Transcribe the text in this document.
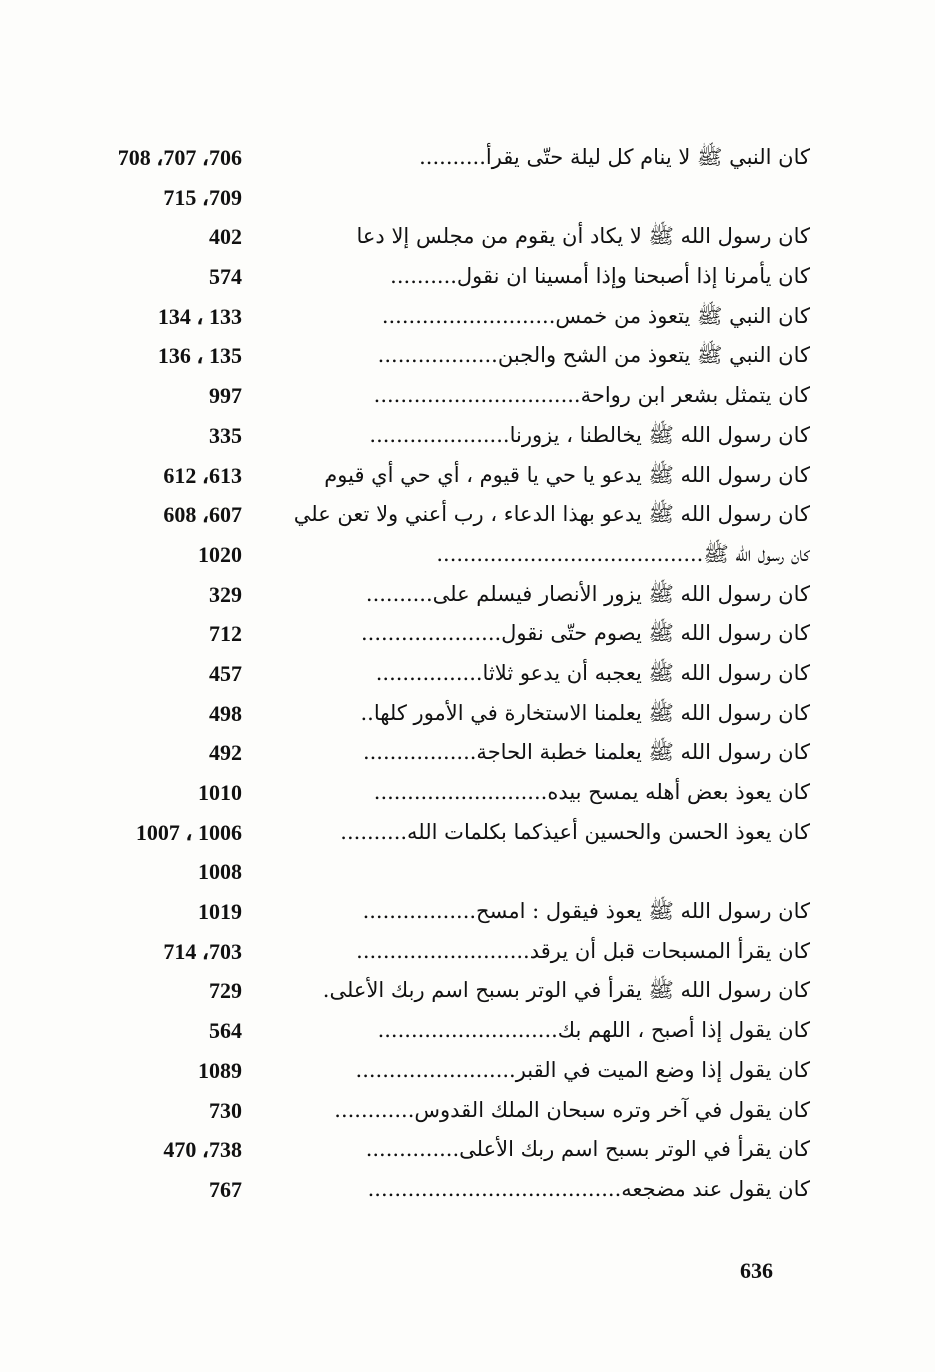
706، 707، 708	كان النبي ﷺ لا ينام كل ليلة حتّى يقرأ..........
709، 715
402	كان رسول الله ﷺ لا يكاد أن يقوم من مجلس إلا دعا
574	كان يأمرنا إذا أصبحنا وإذا أمسينا ان نقول..........
133 ، 134	كان النبي ﷺ يتعوذ من خمس..........................
135 ، 136	كان النبي ﷺ يتعوذ من الشح والجبن..................
997	كان يتمثل بشعر ابن رواحة...............................
335	كان رسول الله ﷺ يخالطنا ، يزورنا.....................
613، 612	كان رسول الله ﷺ يدعو يا حي يا قيوم ، أي حي أي قيوم
607، 608	كان رسول الله ﷺ يدعو بهذا الدعاء ، رب أعني ولا تعن علي
1020	كان رسول الله ﷺ........................................
329	كان رسول الله ﷺ يزور الأنصار فيسلم على..........
712	كان رسول الله ﷺ يصوم حتّى نقول.....................
457	كان رسول الله ﷺ يعجبه أن يدعو ثلاثا................
498	كان رسول الله ﷺ يعلمنا الاستخارة في الأمور كلها..
492	كان رسول الله ﷺ يعلمنا خطبة الحاجة.................
1010	كان يعوذ بعض أهله يمسح بيده..........................
1006 ، 1007	كان يعوذ الحسن والحسين أعيذكما بكلمات الله..........
1008
1019	كان رسول الله ﷺ يعوذ فيقول : امسح.................
703، 714	كان يقرأ المسبحات قبل أن يرقد..........................
729	كان رسول الله ﷺ يقرأ في الوتر بسبح اسم ربك الأعلى.
564	كان يقول إذا أصبح ، اللهم بك...........................
1089	كان يقول إذا وضع الميت في القبر........................
730	كان يقول في آخر وتره سبحان الملك القدوس............
738، 470	كان يقرأ في الوتر بسبح اسم ربك الأعلى..............
767	كان يقول عند مضجعه......................................
636
